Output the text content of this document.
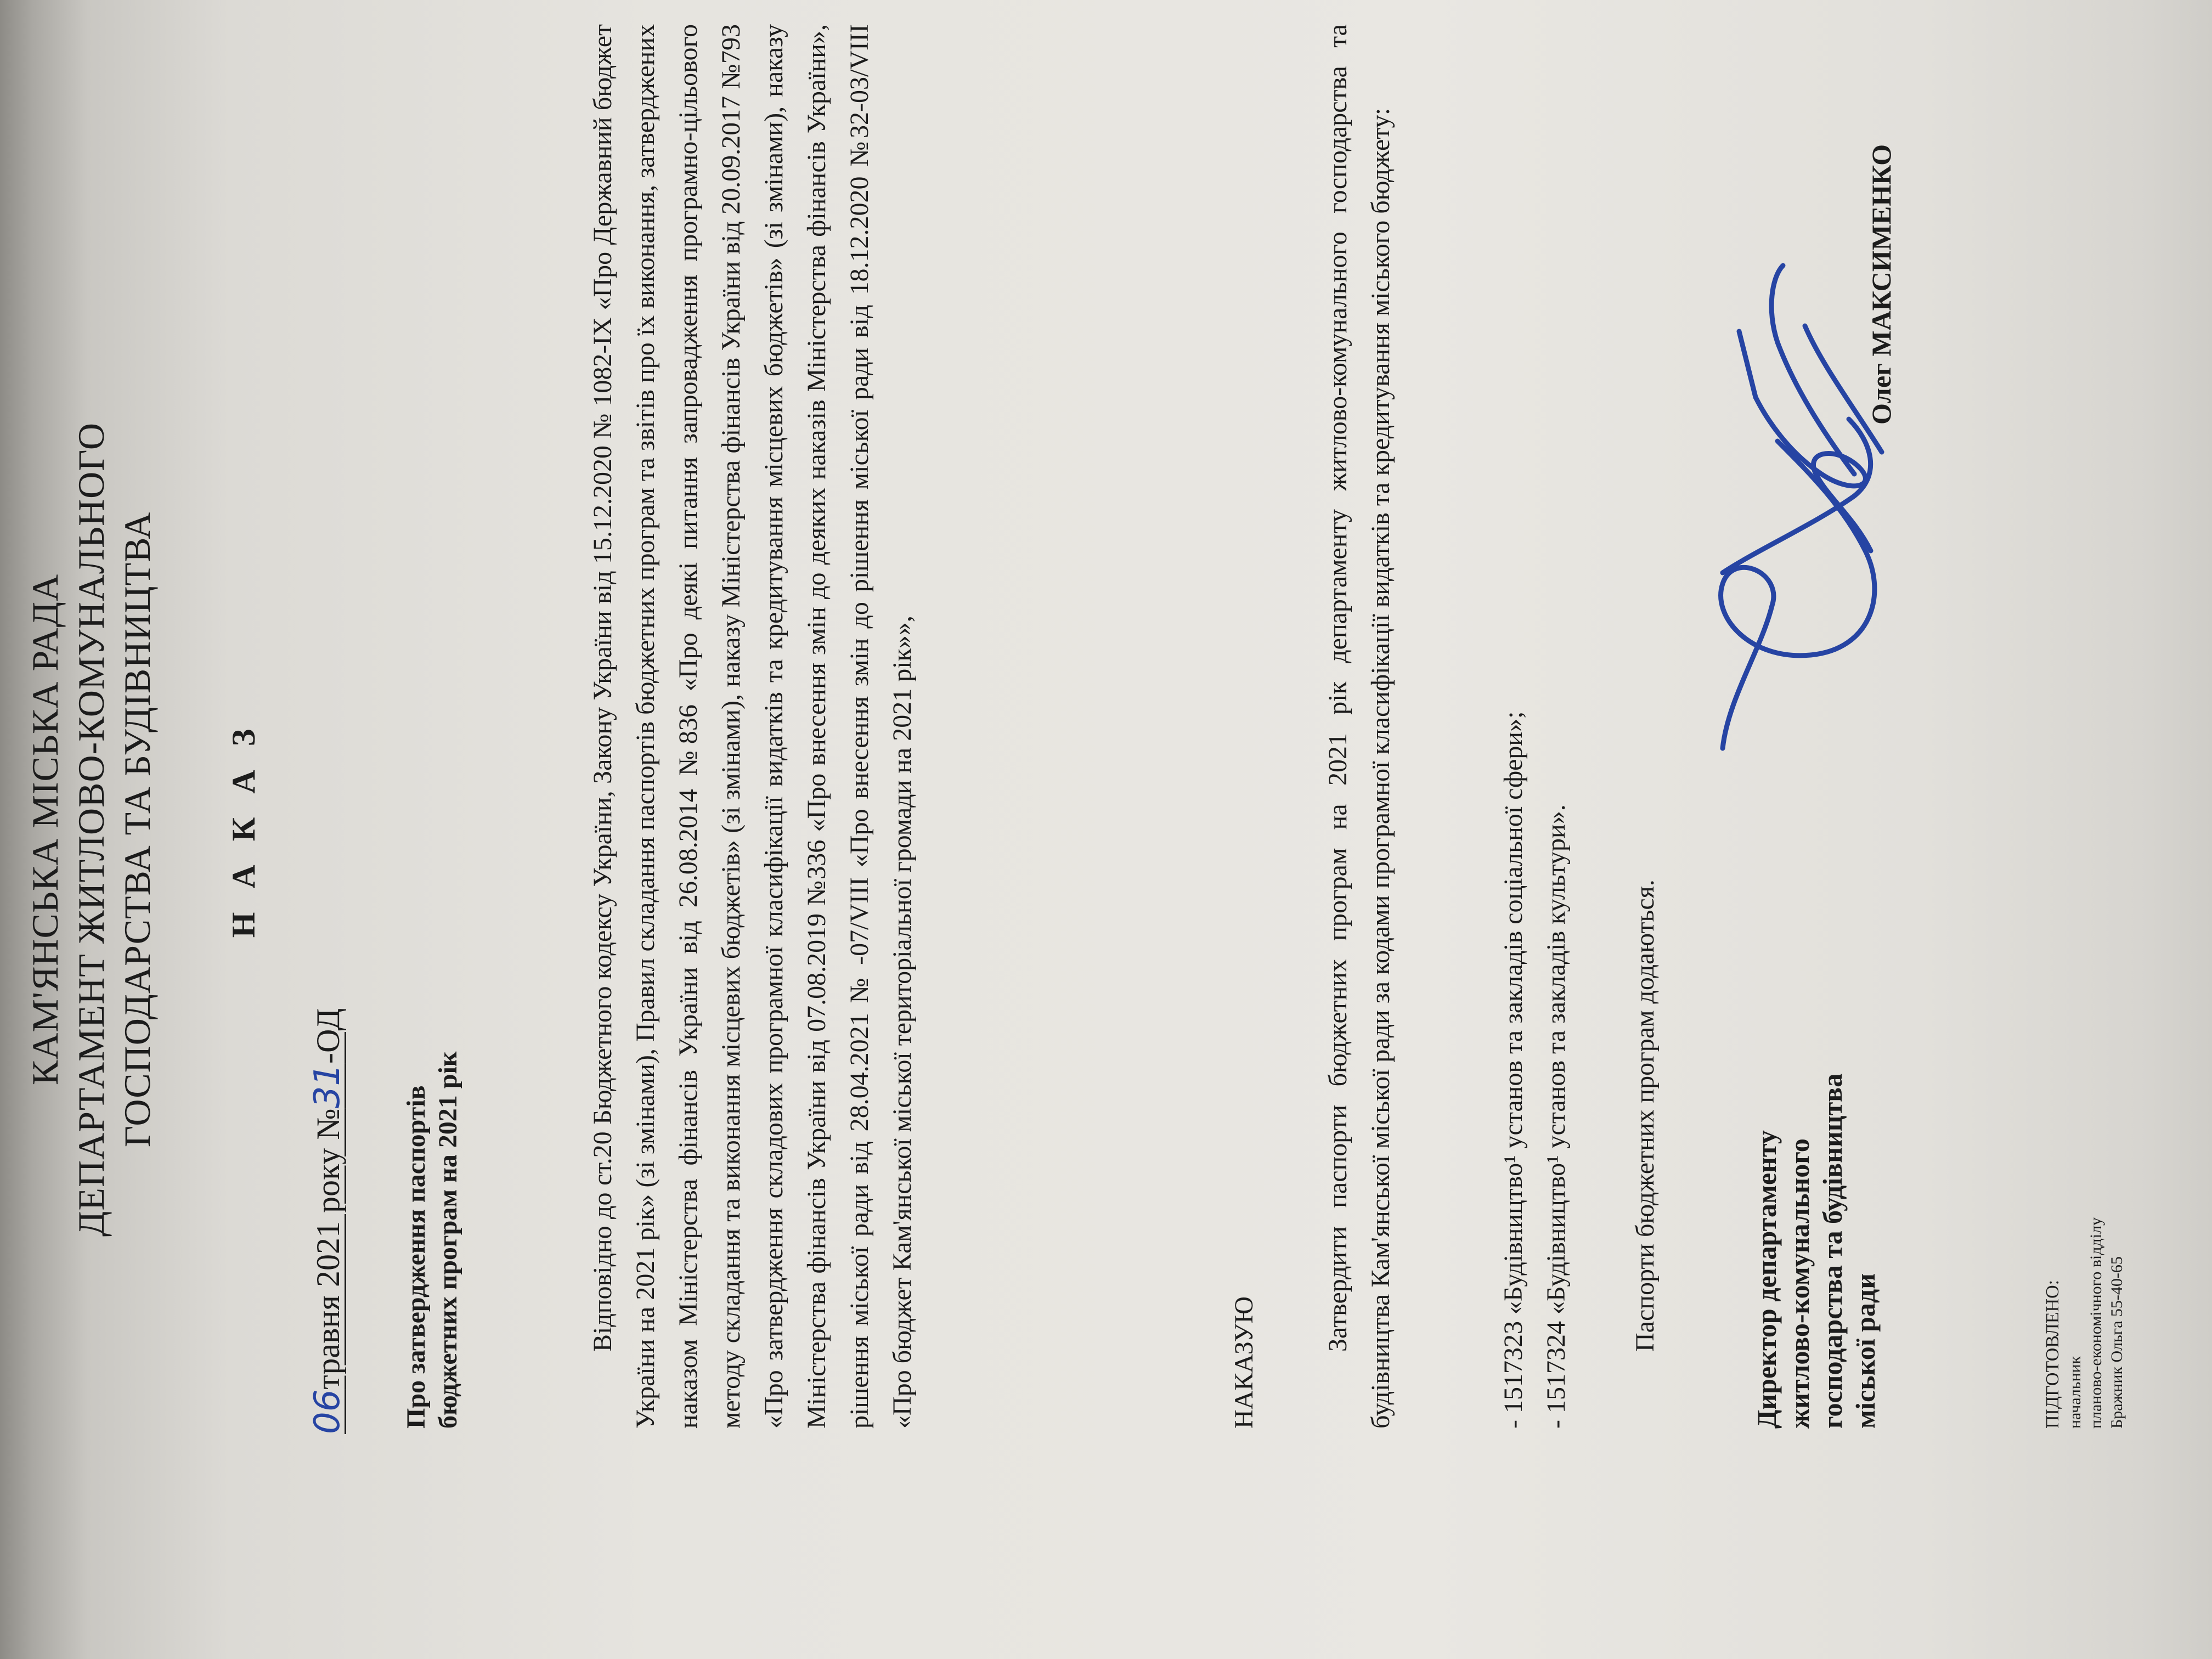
КАМ'ЯНСЬКА МІСЬКА РАДА ДЕПАРТАМЕНТ ЖИТЛОВО-КОМУНАЛЬНОГО ГОСПОДАРСТВА ТА БУДІВНИЦТВА Н А К А З
06травня 2021 року №31-ОД
Про затвердження паспортів бюджетних програм на 2021 рік	Відповідно до ст.20 Бюджетного кодексу України, Закону України від 15.12.2020 № 1082-IX «Про Державний бюджет України на 2021 рік» (зі змінами), Правил складання паспортів бюджетних програм та звітів про їх виконання, затверджених наказом Міністерства фінансів України від 26.08.2014 №836 «Про деякі питання запровадження програмно-цільового методу складання та виконання місцевих бюджетів» (зі змінами), наказу Міністерства фінансів України від 20.09.2017 №793 «Про затвердження складових програмної класифікації видатків та кредитування місцевих бюджетів» (зі змінами), наказу Міністерства фінансів України від 07.08.2019 №336 «Про внесення змін до деяких наказів Міністерства фінансів України», рішення міської ради від 28.04.2021 № -07/VIII «Про внесення змін до рішення міської ради від 18.12.2020 №32-03/VIII «Про бюджет Кам'янської міської територіальної громади на 2021 рік»»,	НАКАЗУЮ
Затвердити паспорти бюджетних програм на 2021 рік департаменту житлово-комунального господарства та будівництва Кам'янської міської ради за кодами програмної класифікації видатків та кредитування міського бюджету:	- 1517323 «Будівництво¹ установ та закладів соціальної сфери»; - 1517324 «Будівництво¹ установ та закладів культури». Паспорти бюджетних програм додаються.	Директор департаменту житлово-комунального господарства та будівництва міської ради
Олег МАКСИМЕНКО
ПІДГОТОВЛЕНО: начальник планово-економічного відділу Бражник Ольга 55-40-65
